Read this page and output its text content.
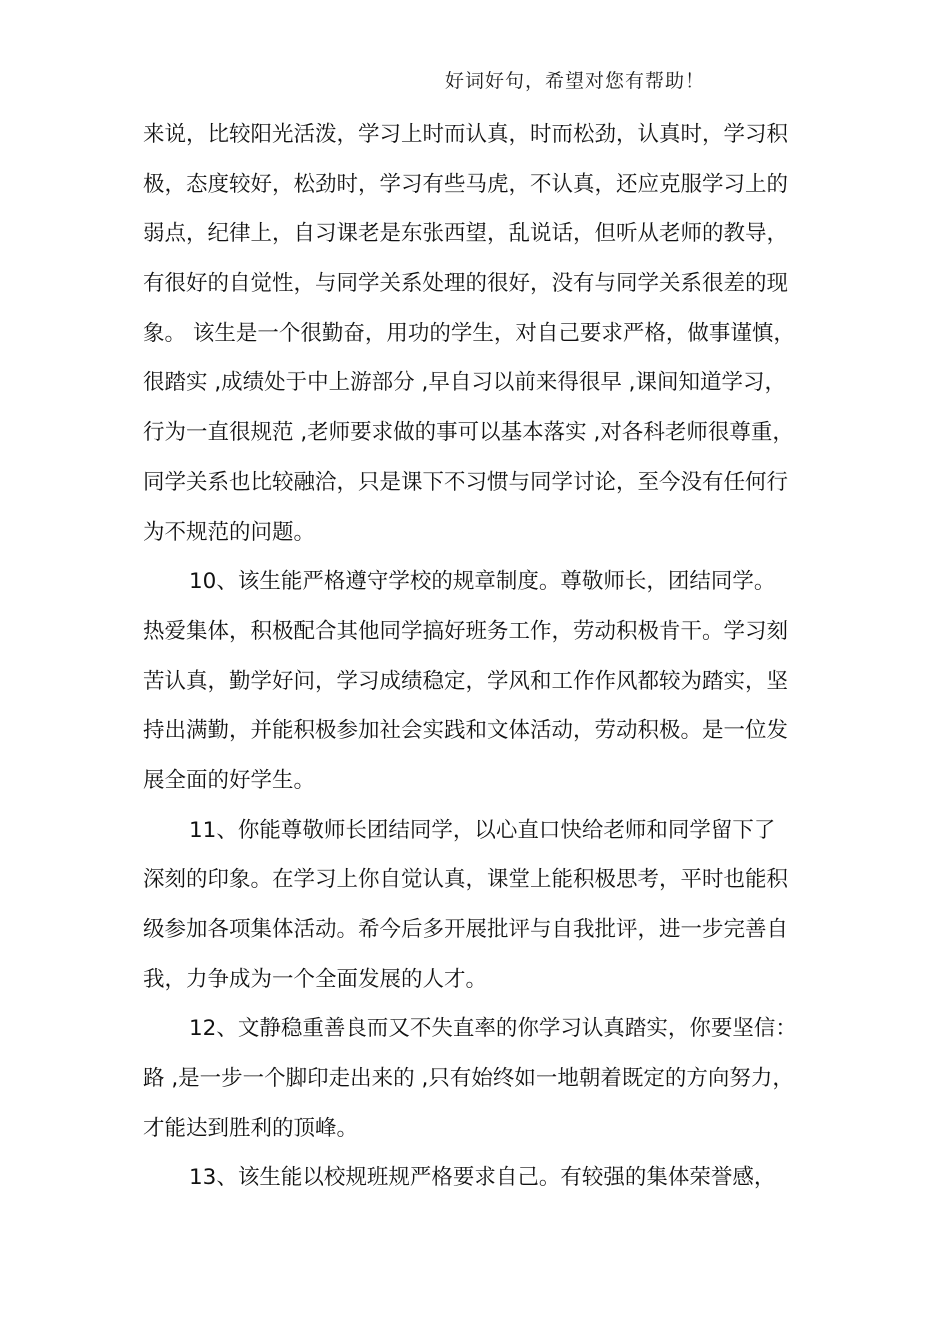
好词好句，希望对您有帮助！
来说，比较阳光活泼，学习上时而认真，时而松劲，认真时，学习积
极，态度较好，松劲时，学习有些马虎，不认真，还应克服学习上的
弱点，纪律上，自习课老是东张西望，乱说话，但听从老师的教导，
有很好的自觉性，与同学关系处理的很好，没有与同学关系很差的现
象。 该生是一个很勤奋，用功的学生，对自己要求严格，做事谨慎，
很踏实 ,成绩处于中上游部分 ,早自习以前来得很早 ,课间知道学习，
行为一直很规范 ,老师要求做的事可以基本落实 ,对各科老师很尊重，
同学关系也比较融洽，只是课下不习惯与同学讨论，至今没有任何行
为不规范的问题。
10、该生能严格遵守学校的规章制度。尊敬师长，团结同学。
热爱集体，积极配合其他同学搞好班务工作，劳动积极肯干。学习刻
苦认真，勤学好问，学习成绩稳定，学风和工作作风都较为踏实，坚
持出满勤，并能积极参加社会实践和文体活动，劳动积极。是一位发
展全面的好学生。
11、你能尊敬师长团结同学，以心直口快给老师和同学留下了
深刻的印象。在学习上你自觉认真，课堂上能积极思考，平时也能积
级参加各项集体活动。希今后多开展批评与自我批评，进一步完善自
我，力争成为一个全面发展的人才。
12、文静稳重善良而又不失直率的你学习认真踏实，你要坚信：
路 ,是一步一个脚印走出来的 ,只有始终如一地朝着既定的方向努力，
才能达到胜利的顶峰。
13、该生能以校规班规严格要求自己。有较强的集体荣誉感，
